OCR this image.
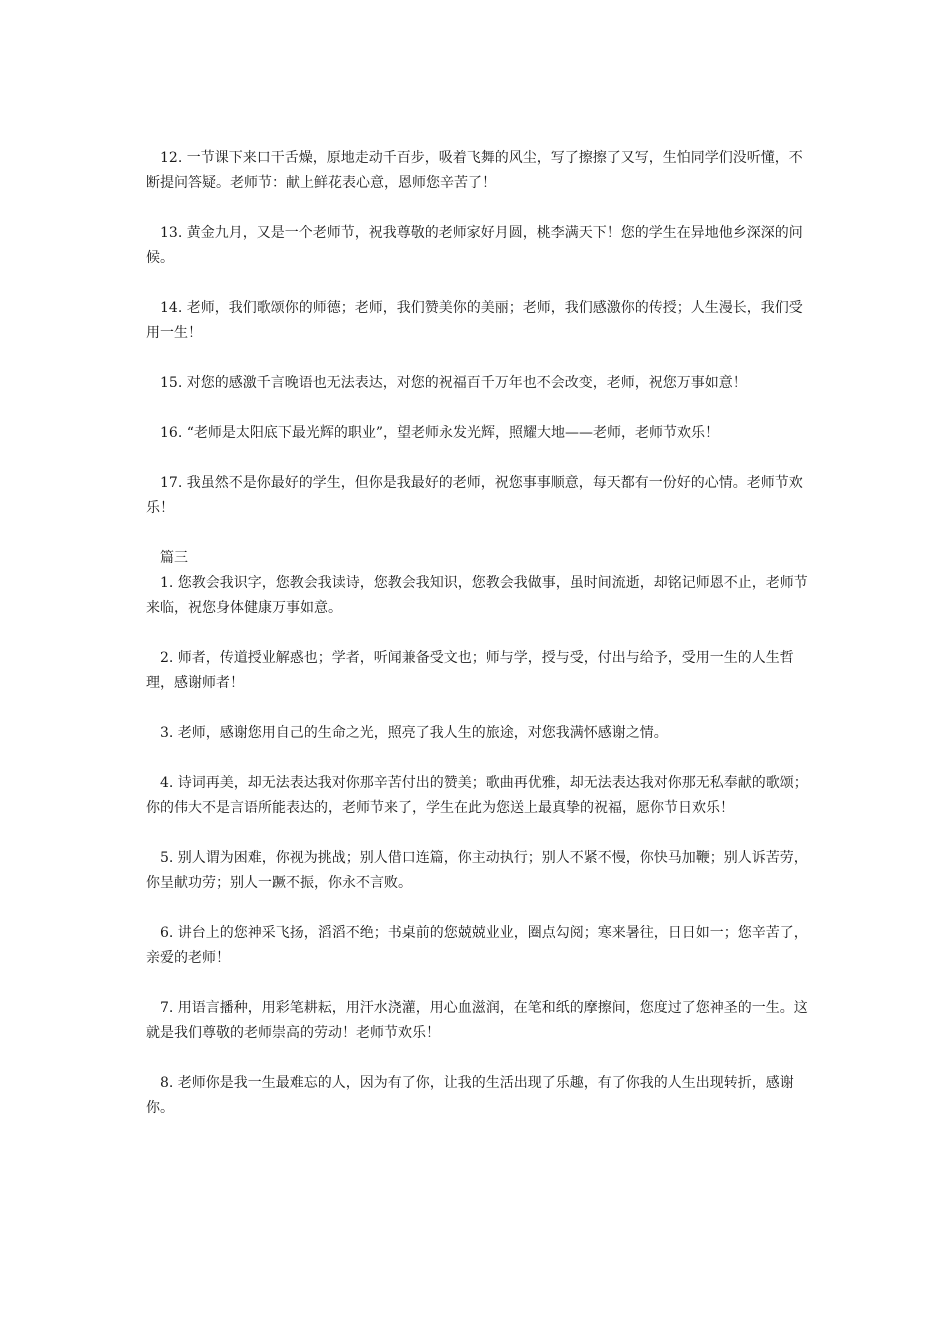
12. 一节课下来口干舌燥，原地走动千百步，吸着飞舞的风尘，写了擦擦了又写，生怕同学们没听懂，不断提问答疑。老师节：献上鲜花表心意，恩师您辛苦了！

13. 黄金九月，又是一个老师节，祝我尊敬的老师家好月圆，桃李满天下！您的学生在异地他乡深深的问候。

14. 老师，我们歌颂你的师德；老师，我们赞美你的美丽；老师，我们感激你的传授；人生漫长，我们受用一生！

15. 对您的感激千言晚语也无法表达，对您的祝福百千万年也不会改变，老师，祝您万事如意！

16. “老师是太阳底下最光辉的职业”，望老师永发光辉，照耀大地——老师，老师节欢乐！

17. 我虽然不是你最好的学生，但你是我最好的老师，祝您事事顺意，每天都有一份好的心情。老师节欢乐！

篇三

1. 您教会我识字，您教会我读诗，您教会我知识，您教会我做事，虽时间流逝，却铭记师恩不止，老师节来临，祝您身体健康万事如意。

2. 师者，传道授业解惑也；学者，听闻兼备受文也；师与学，授与受，付出与给予，受用一生的人生哲理，感谢师者！

3. 老师，感谢您用自己的生命之光，照亮了我人生的旅途，对您我满怀感谢之情。

4. 诗词再美，却无法表达我对你那辛苦付出的赞美；歌曲再优雅，却无法表达我对你那无私奉献的歌颂；你的伟大不是言语所能表达的，老师节来了，学生在此为您送上最真挚的祝福，愿你节日欢乐！

5. 别人谓为困难，你视为挑战；别人借口连篇，你主动执行；别人不紧不慢，你快马加鞭；别人诉苦劳，你呈献功劳；别人一蹶不振，你永不言败。

6. 讲台上的您神采飞扬，滔滔不绝；书桌前的您兢兢业业，圈点勾阅；寒来暑往，日日如一；您辛苦了，亲爱的老师！

7. 用语言播种，用彩笔耕耘，用汗水浇灌，用心血滋润，在笔和纸的摩擦间，您度过了您神圣的一生。这就是我们尊敬的老师崇高的劳动！老师节欢乐！

8. 老师你是我一生最难忘的人，因为有了你，让我的生活出现了乐趣，有了你我的人生出现转折，感谢你。
